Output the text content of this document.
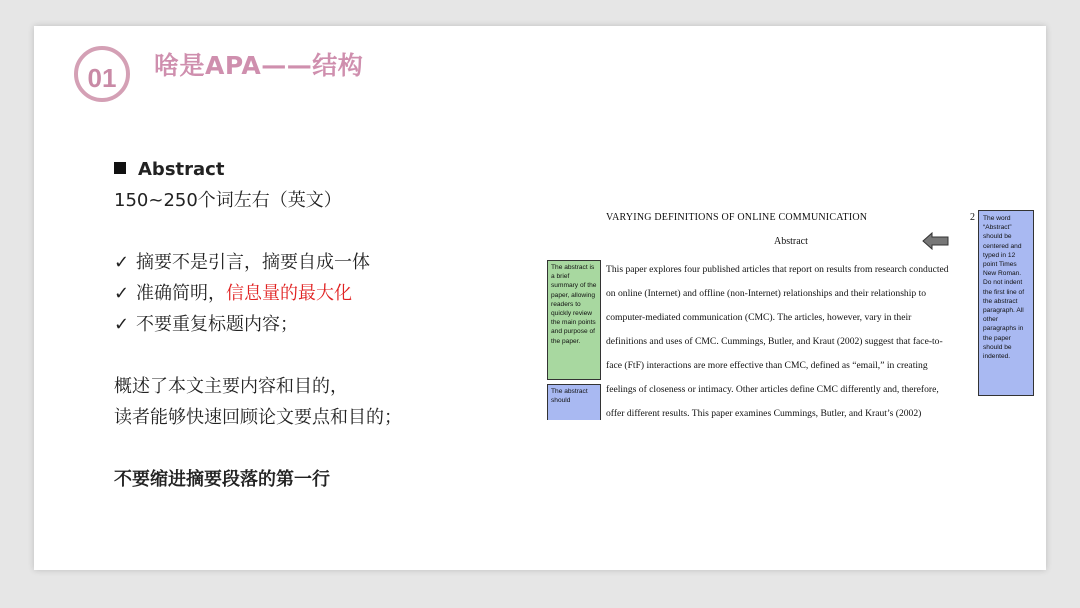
01	啥是APA——结构
Abstract
150~250个词左右（英文）
✓ 摘要不是引言，摘要自成一体
✓ 准确简明，信息量的最大化
✓ 不要重复标题内容；
概述了本文主要内容和目的，
读者能够快速回顾论文要点和目的；
不要缩进摘要段落的第一行
VARYING DEFINITIONS OF ONLINE COMMUNICATION	2
Abstract
This paper explores four published articles that report on results from research conducted
on online (Internet) and offline (non-Internet) relationships and their relationship to
computer-mediated communication (CMC). The articles, however, vary in their
definitions and uses of CMC. Cummings, Butler, and Kraut (2002) suggest that face-to-
face (FtF) interactions are more effective than CMC, defined as “email,” in creating
feelings of closeness or intimacy. Other articles define CMC differently and, therefore,
offer different results. This paper examines Cummings, Butler, and Kraut’s (2002)
The abstract is a brief summary of the paper, allowing readers to quickly review the main points and purpose of the paper.
The abstract should
The word “Abstract” should be centered and typed in 12 point Times New Roman. Do not indent the first line of the abstract paragraph. All other paragraphs in the paper should be indented.
